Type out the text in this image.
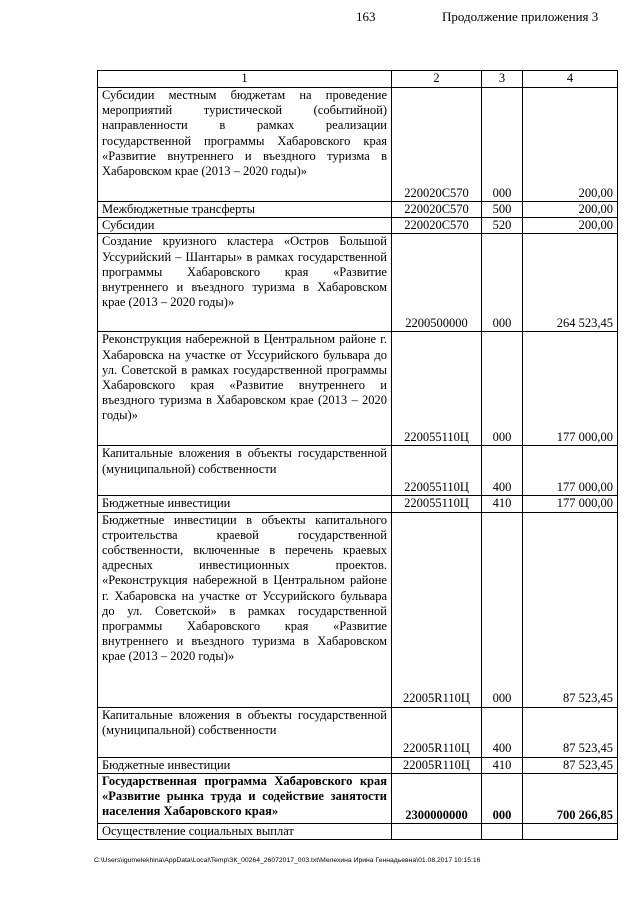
163	Продолжение приложения 3
1	2	3	4
Субсидии местным бюджетам на проведение мероприятий туристической (событийной) направленности в рамках реализации государственной программы Хабаровского края «Развитие внутреннего и въездного туризма в Хабаровском крае (2013 – 2020 годы)»	220020С570	000	200,00
Межбюджетные трансферты	220020С570	500	200,00
Субсидии	220020С570	520	200,00
Создание круизного кластера «Остров Большой Уссурийский – Шантары» в рамках государственной программы Хабаровского края «Развитие внутреннего и въездного туризма в Хабаровском крае (2013 – 2020 годы)»	2200500000	000	264 523,45
Реконструкция набережной в Центральном районе г. Хабаровска на участке от Уссурийского бульвара до ул. Советской в рамках государственной программы Хабаровского края «Развитие внутреннего и въездного туризма в Хабаровском крае (2013 – 2020 годы)»	220055110Ц	000	177 000,00
Капитальные вложения в объекты государственной (муниципальной) собственности	220055110Ц	400	177 000,00
Бюджетные инвестиции	220055110Ц	410	177 000,00
Бюджетные инвестиции в объекты капитального строительства краевой государственной собственности, включенные в перечень краевых адресных инвестиционных проектов. «Реконструкция набережной в Центральном районе г. Хабаровска на участке от Уссурийского бульвара до ул. Советской» в рамках государственной программы Хабаровского края «Развитие внутреннего и въездного туризма в Хабаровском крае (2013 – 2020 годы)»	22005R110Ц	000	87 523,45
Капитальные вложения в объекты государственной (муниципальной) собственности	22005R110Ц	400	87 523,45
Бюджетные инвестиции	22005R110Ц	410	87 523,45
Государственная программа Хабаровского края «Развитие рынка труда и содействие занятости населения Хабаровского края»	2300000000	000	700 266,85
Осуществление социальных выплат			
C:\Users\igumelekhina\AppData\Local\Temp\ЗК_00264_26072017_003.txt\Мелехина Ирина Геннадьевна\01.08.2017 10:15:16
